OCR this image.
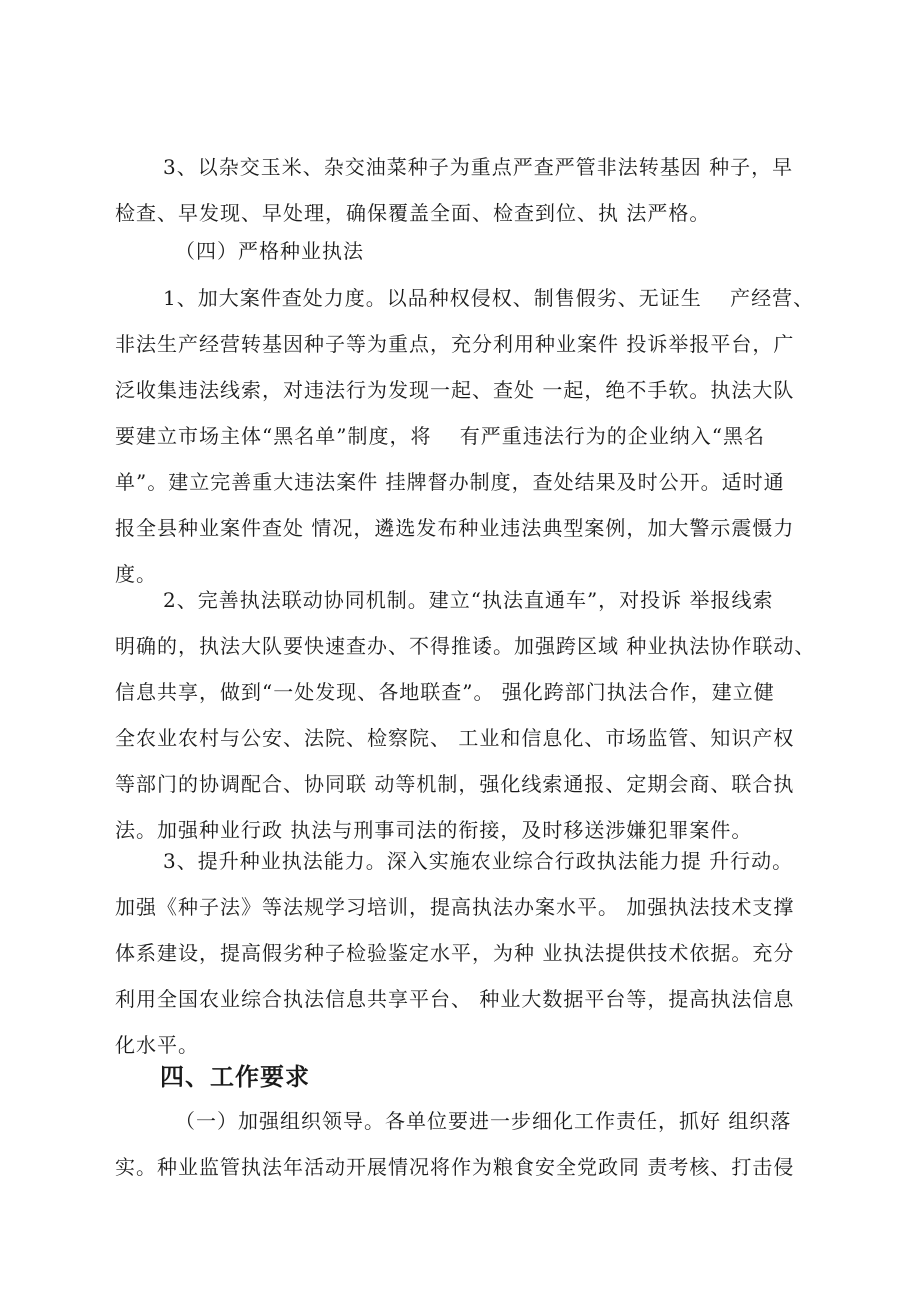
3、以杂交玉米、杂交油菜种子为重点严查严管非法转基因 种子，早
检查、早发现、早处理，确保覆盖全面、检查到位、执 法严格。

（四）严格种业执法

1、加大案件查处力度。以品种权侵权、制售假劣、无证生　 产经营、
非法生产经营转基因种子等为重点，充分利用种业案件 投诉举报平台，广
泛收集违法线索，对违法行为发现一起、查处 一起，绝不手软。执法大队
要建立市场主体“黑名单”制度，将　 有严重违法行为的企业纳入“黑名
单”。建立完善重大违法案件 挂牌督办制度，查处结果及时公开。适时通
报全县种业案件查处 情况，遴选发布种业违法典型案例，加大警示震慑力
度。
2、完善执法联动协同机制。建立“执法直通车”，对投诉 举报线索
明确的，执法大队要快速查办、不得推诿。加强跨区域 种业执法协作联动、
信息共享，做到“一处发现、各地联查”。 强化跨部门执法合作，建立健
全农业农村与公安、法院、检察院、 工业和信息化、市场监管、知识产权
等部门的协调配合、协同联 动等机制，强化线索通报、定期会商、联合执
法。加强种业行政 执法与刑事司法的衔接，及时移送涉嫌犯罪案件。
3、提升种业执法能力。深入实施农业综合行政执法能力提 升行动。
加强《种子法》等法规学习培训，提高执法办案水平。 加强执法技术支撑
体系建设，提高假劣种子检验鉴定水平，为种 业执法提供技术依据。充分
利用全国农业综合执法信息共享平台、 种业大数据平台等，提高执法信息
化水平。

四、工作要求

（一）加强组织领导。各单位要进一步细化工作责任，抓好 组织落
实。种业监管执法年活动开展情况将作为粮食安全党政同 责考核、打击侵
